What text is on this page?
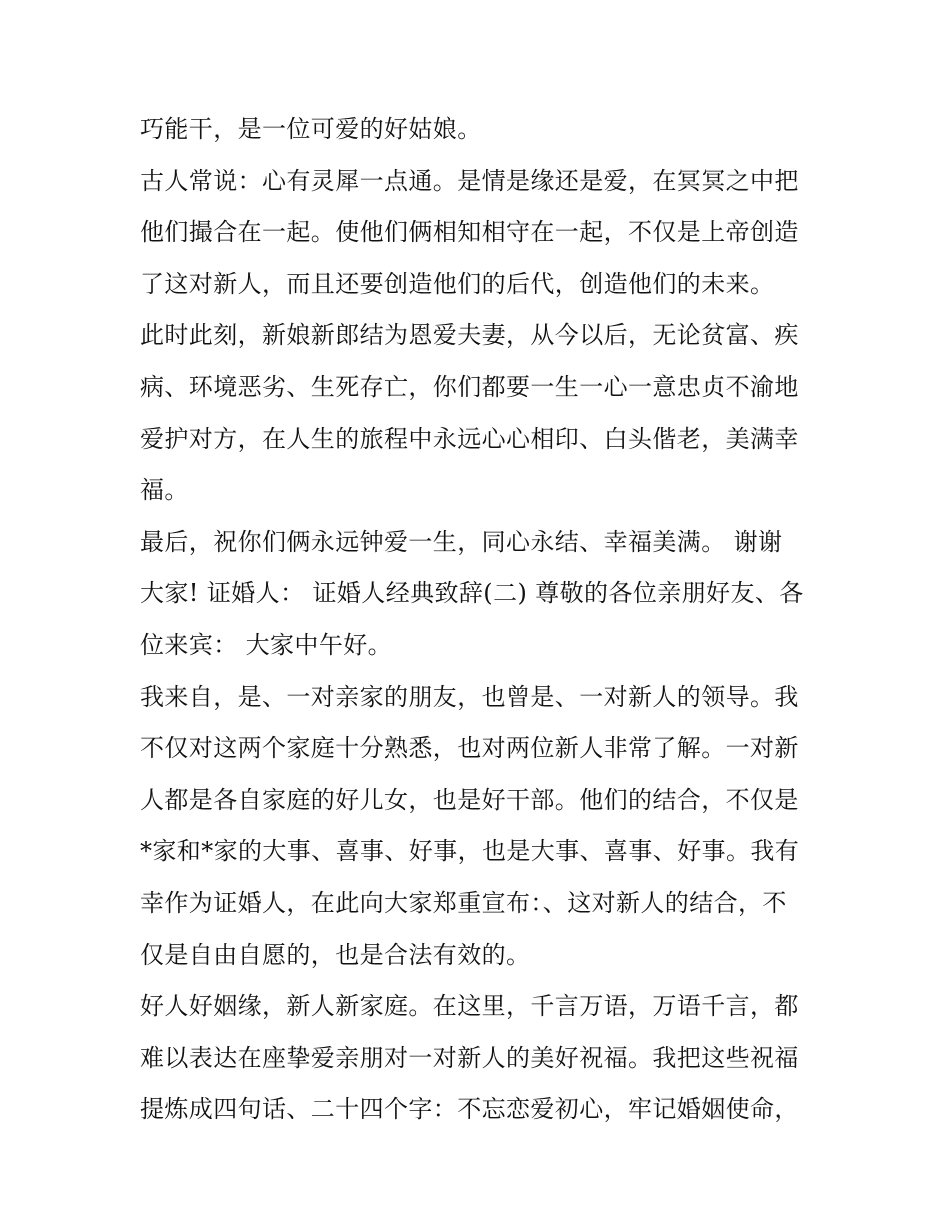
巧能干，是一位可爱的好姑娘。
古人常说：心有灵犀一点通。是情是缘还是爱，在冥冥之中把
他们撮合在一起。使他们俩相知相守在一起，不仅是上帝创造
了这对新人，而且还要创造他们的后代，创造他们的未来。
此时此刻，新娘新郎结为恩爱夫妻，从今以后，无论贫富、疾
病、环境恶劣、生死存亡，你们都要一生一心一意忠贞不渝地
爱护对方，在人生的旅程中永远心心相印、白头偕老，美满幸
福。
最后，祝你们俩永远钟爱一生，同心永结、幸福美满。 谢谢
大家! 证婚人： 证婚人经典致辞(二) 尊敬的各位亲朋好友、各
位来宾： 大家中午好。
我来自，是、一对亲家的朋友，也曾是、一对新人的领导。我
不仅对这两个家庭十分熟悉，也对两位新人非常了解。一对新
人都是各自家庭的好儿女，也是好干部。他们的结合，不仅是
*家和*家的大事、喜事、好事，也是大事、喜事、好事。我有
幸作为证婚人，在此向大家郑重宣布：、这对新人的结合，不
仅是自由自愿的，也是合法有效的。
好人好姻缘，新人新家庭。在这里，千言万语，万语千言，都
难以表达在座挚爱亲朋对一对新人的美好祝福。我把这些祝福
提炼成四句话、二十四个字：不忘恋爱初心，牢记婚姻使命，
